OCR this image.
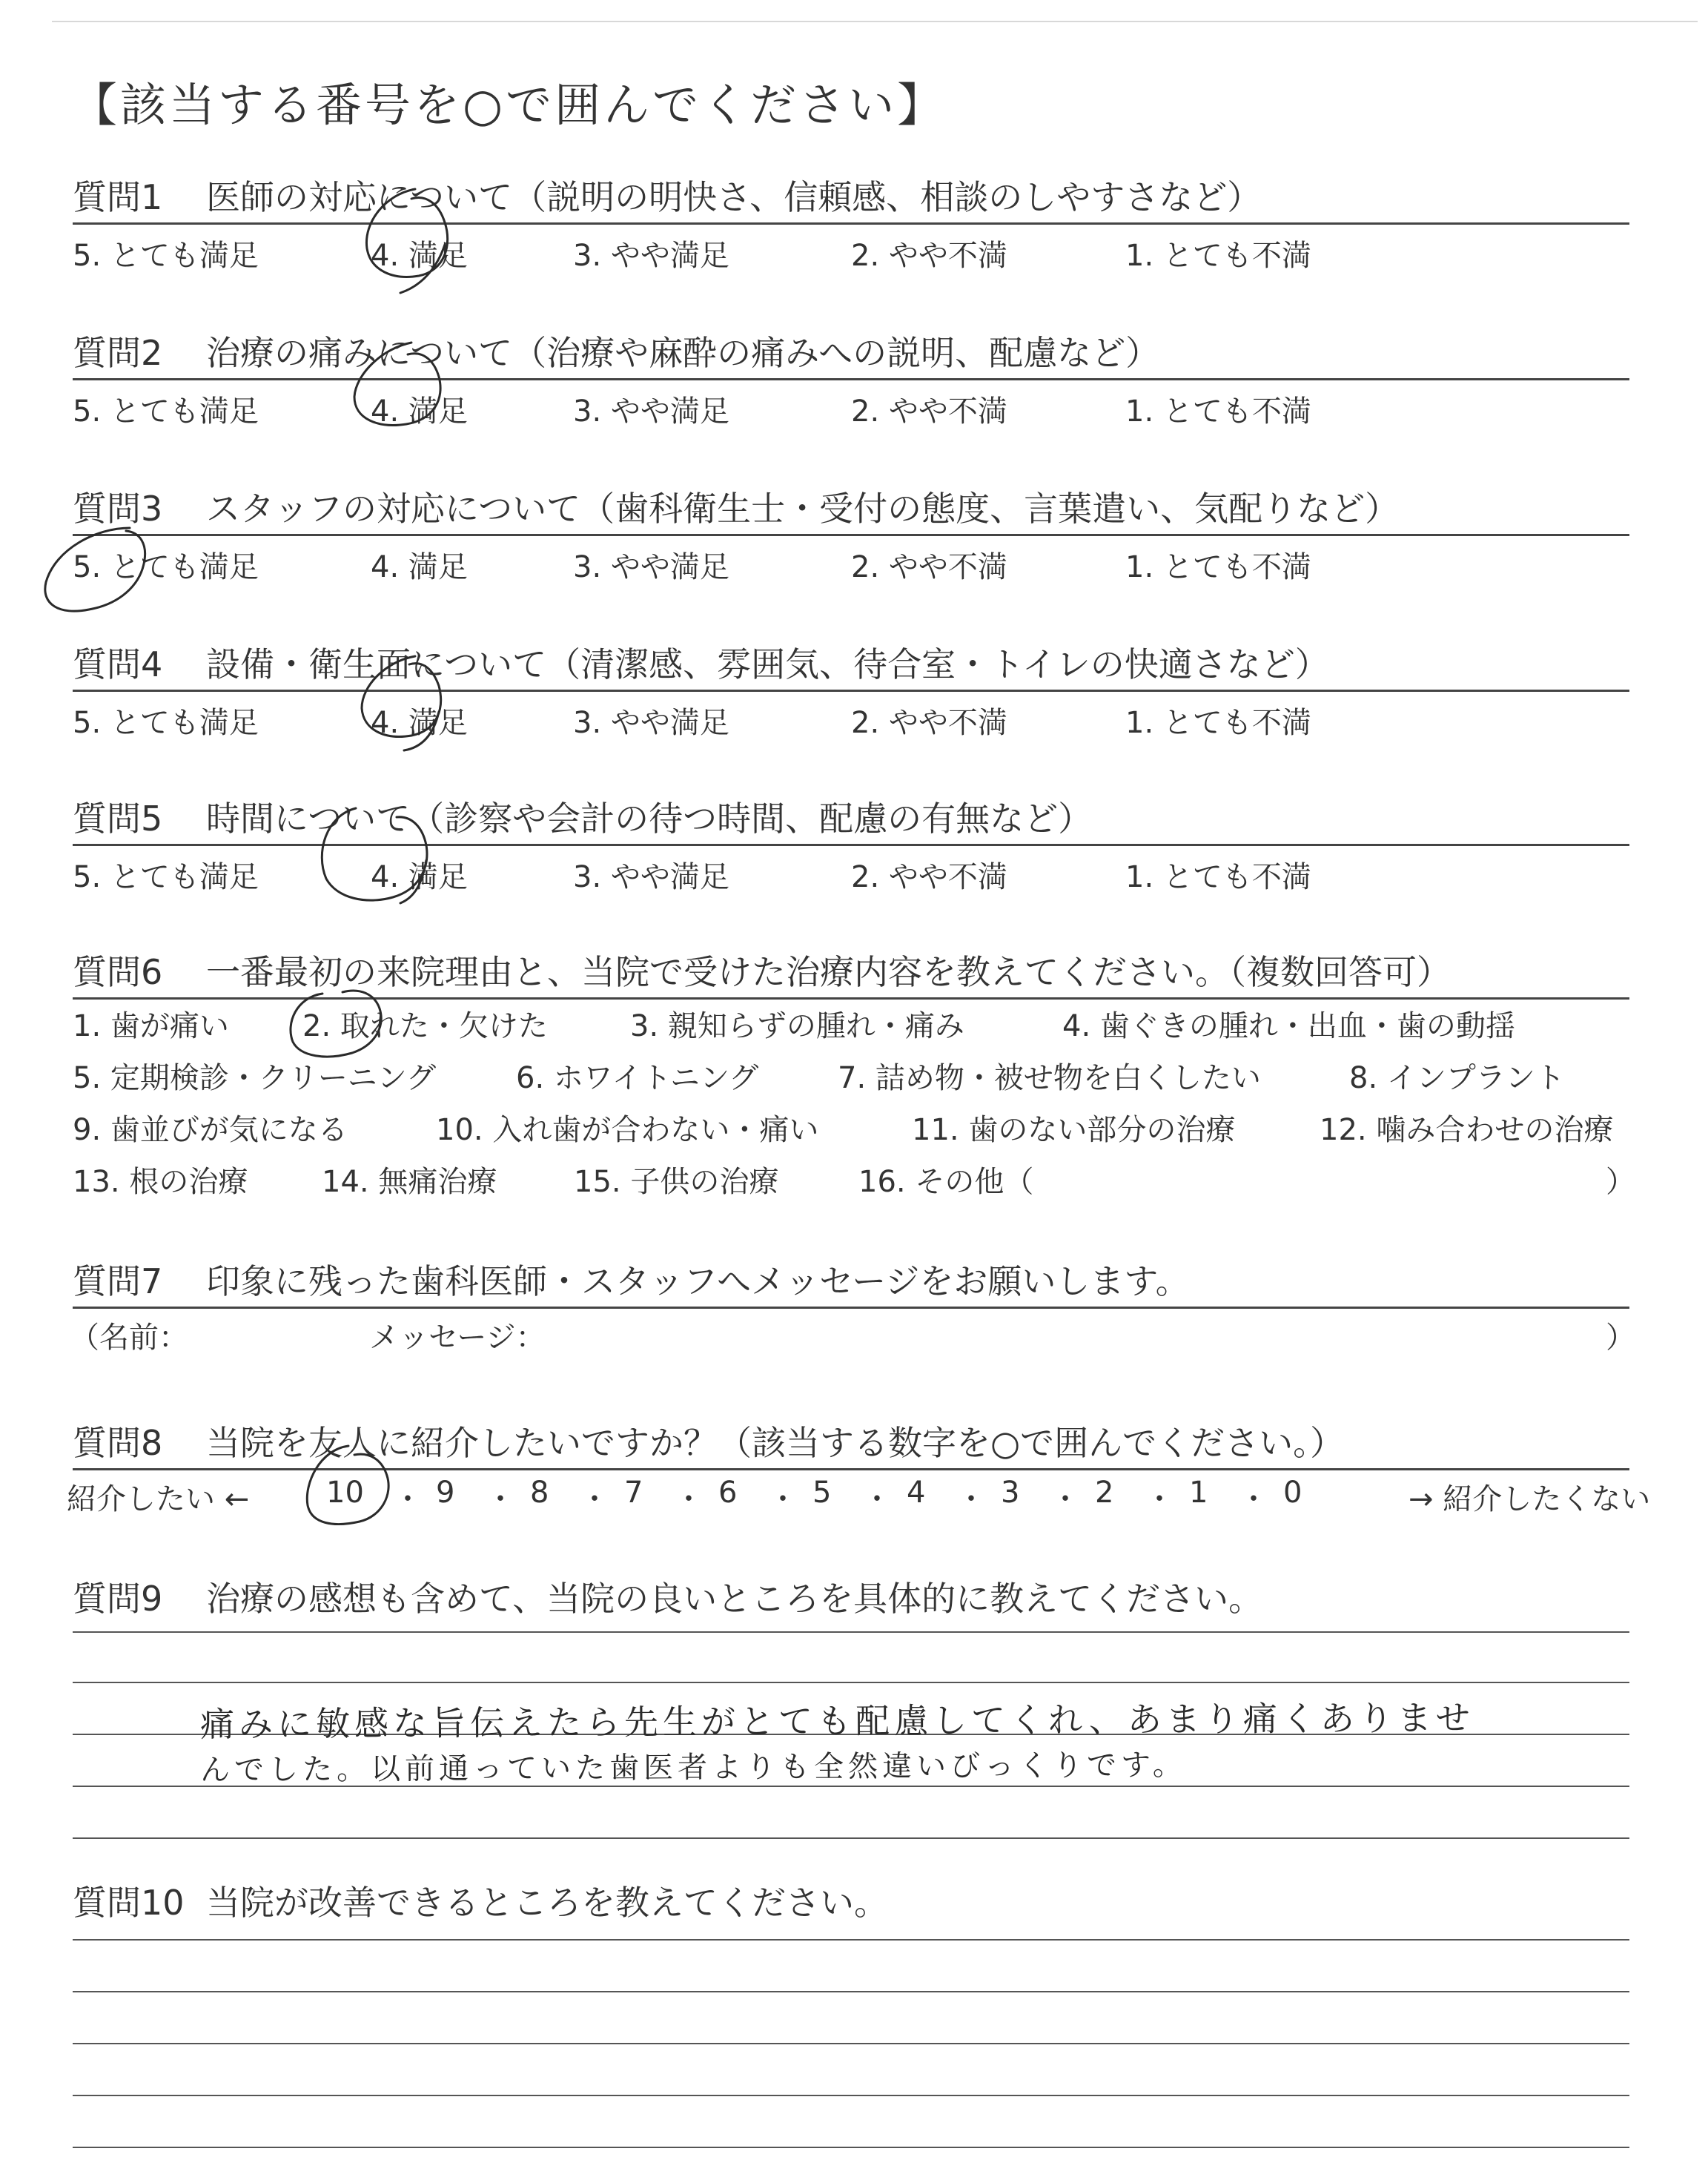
【該当する番号を○で囲んでください】
質問1 医師の対応について（説明の明快さ、信頼感、相談のしやすさなど）
5. とても満足	4. 満足	3. やや満足	2. やや不満	1. とても不満
質問2 治療の痛みについて（治療や麻酔の痛みへの説明、配慮など）
5. とても満足	4. 満足	3. やや満足	2. やや不満	1. とても不満
質問3 スタッフの対応について（歯科衛生士・受付の態度、言葉遣い、気配りなど）
5. とても満足	4. 満足	3. やや満足	2. やや不満	1. とても不満
質問4 設備・衛生面について（清潔感、雰囲気、待合室・トイレの快適さなど）
5. とても満足	4. 満足	3. やや満足	2. やや不満	1. とても不満
質問5 時間について（診察や会計の待つ時間、配慮の有無など）
5. とても満足	4. 満足	3. やや満足	2. やや不満	1. とても不満
質問6 一番最初の来院理由と、当院で受けた治療内容を教えてください。（複数回答可）
1. 歯が痛い 2. 取れた・欠けた	3. 親知らずの腫れ・痛み	4. 歯ぐきの腫れ・出血・歯の動揺
5. 定期検診・クリーニング	6. ホワイトニング	7. 詰め物・被せ物を白くしたい	8. インプラント
9. 歯並びが気になる	10. 入れ歯が合わない・痛い	11. 歯のない部分の治療	12. 噛み合わせの治療
13. 根の治療 14. 無痛治療	15. 子供の治療	16. その他（	）
質問7 印象に残った歯科医師・スタッフへメッセージをお願いします。
（名前：	メッセージ：	）
質問8 当院を友人に紹介したいですか？（該当する数字を○で囲んでください。）
紹介したい ←	10 ・ 9 ・ 8 ・ 7 ・ 6 ・ 5 ・ 4 ・ 3 ・ 2 ・ 1 ・ 0	→ 紹介したくない
質問9 治療の感想も含めて、当院の良いところを具体的に教えてください。
痛みに敏感な旨伝えたら先生がとても配慮してくれ、あまり痛くありませ
んでした。以前通っていた歯医者よりも全然違いびっくりです。
質問10 当院が改善できるところを教えてください。
